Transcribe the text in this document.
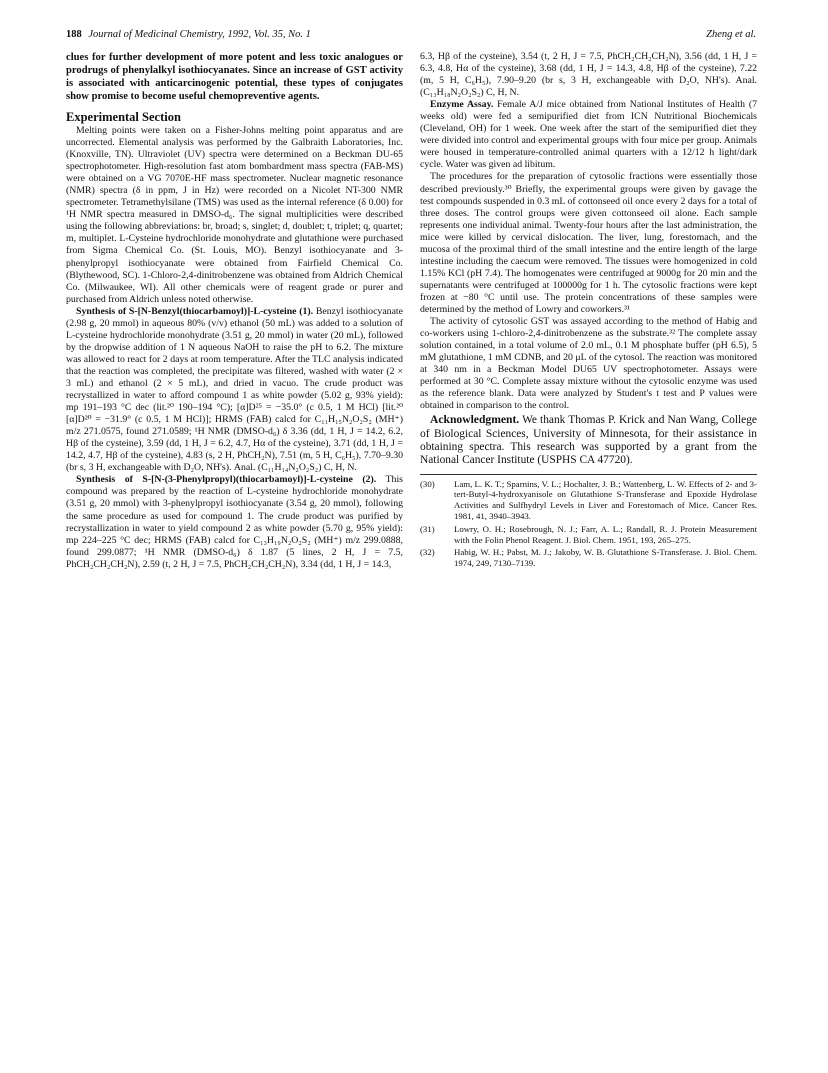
188 Journal of Medicinal Chemistry, 1992, Vol. 35, No. 1	Zheng et al.

clues for further development of more potent and less toxic analogues or prodrugs of phenylalkyl isothiocyanates. Since an increase of GST activity is associated with anticarcinogenic potential, these types of conjugates show promise to become useful chemopreventive agents.

Experimental Section

Melting points were taken on a Fisher-Johns melting point apparatus and are uncorrected. Elemental analysis was performed by the Galbraith Laboratories, Inc. (Knoxville, TN). Ultraviolet (UV) spectra were determined on a Beckman DU-65 spectrophotometer. High-resolution fast atom bombardment mass spectra (FAB-MS) were obtained on a VG 7070E-HF mass spectrometer. Nuclear magnetic resonance (NMR) spectra (δ in ppm, J in Hz) were recorded on a Nicolet NT-300 NMR spectrometer. Tetramethylsilane (TMS) was used as the internal reference (δ 0.00) for ¹H NMR spectra measured in DMSO-d₆. The signal multiplicities were described using the following abbreviations: br, broad; s, singlet; d, doublet; t, triplet; q, quartet; m, multiplet. L-Cysteine hydrochloride monohydrate and glutathione were purchased from Sigma Chemical Co. (St. Louis, MO). Benzyl isothiocyanate and 3-phenylpropyl isothiocyanate were obtained from Fairfield Chemical Co. (Blythewood, SC). 1-Chloro-2,4-dinitrobenzene was obtained from Aldrich Chemical Co. (Milwaukee, WI). All other chemicals were of reagent grade or purer and purchased from Aldrich unless noted otherwise.

Synthesis of S-[N-Benzyl(thiocarbamoyl)]-L-cysteine (1). Benzyl isothiocyanate (2.98 g, 20 mmol) in aqueous 80% (v/v) ethanol (50 mL) was added to a solution of L-cysteine hydrochloride monohydrate (3.51 g, 20 mmol) in water (20 mL), followed by the dropwise addition of 1 N aqueous NaOH to raise the pH to 6.2. The mixture was allowed to react for 2 days at room temperature. After the TLC analysis indicated that the reaction was completed, the precipitate was filtered, washed with water (2 × 3 mL) and ethanol (2 × 5 mL), and dried in vacuo. The crude product was recrystallized in water to afford compound 1 as white powder (5.02 g, 93% yield): mp 191–193 °C dec (lit.²⁰ 190–194 °C); [α]D²⁵ = −35.0° (c 0.5, 1 M HCl) [lit.²⁰ [α]D²⁰ = −31.9° (c 0.5, 1 M HCl)]; HRMS (FAB) calcd for C₁₁H₁₅N₂O₂S₂ (MH⁺) m/z 271.0575, found 271.0589; ¹H NMR (DMSO-d₆) δ 3.36 (dd, 1 H, J = 14.2, 6.2, Hβ of the cysteine), 3.59 (dd, 1 H, J = 6.2, 4.7, Hα of the cysteine), 3.71 (dd, 1 H, J = 14.2, 4.7, Hβ of the cysteine), 4.83 (s, 2 H, PhCH₂N), 7.51 (m, 5 H, C₆H₅), 7.70–9.30 (br s, 3 H, exchangeable with D₂O, NH's). Anal. (C₁₁H₁₄N₂O₂S₂) C, H, N.

Synthesis of S-[N-(3-Phenylpropyl)(thiocarbamoyl)]-L-cysteine (2). This compound was prepared by the reaction of L-cysteine hydrochloride monohydrate (3.51 g, 20 mmol) with 3-phenylpropyl isothiocyanate (3.54 g, 20 mmol), following the same procedure as used for compound 1. The crude product was purified by recrystallization in water to yield compound 2 as white powder (5.70 g, 95% yield): mp 224–225 °C dec; HRMS (FAB) calcd for C₁₃H₁₉N₂O₂S₂ (MH⁺) m/z 299.0888, found 299.0877; ¹H NMR (DMSO-d₆) δ 1.87 (5 lines, 2 H, J = 7.5, PhCH₂CH₂CH₂N), 2.59 (t, 2 H, J = 7.5, PhCH₂CH₂CH₂N), 3.34 (dd, 1 H, J = 14.3,

6.3, Hβ of the cysteine), 3.54 (t, 2 H, J = 7.5, PhCH₂CH₂CH₂N), 3.56 (dd, 1 H, J = 6.3, 4.8, Hα of the cysteine), 3.68 (dd, 1 H, J = 14.3, 4.8, Hβ of the cysteine), 7.22 (m, 5 H, C₆H₅), 7.90–9.20 (br s, 3 H, exchangeable with D₂O, NH's). Anal. (C₁₃H₁₈N₂O₂S₂) C, H, N.

Enzyme Assay. Female A/J mice obtained from National Institutes of Health (7 weeks old) were fed a semipurified diet from ICN Nutritional Biochemicals (Cleveland, OH) for 1 week. One week after the start of the semipurified diet they were divided into control and experimental groups with four mice per group. Animals were housed in temperature-controlled animal quarters with a 12/12 h light/dark cycle. Water was given ad libitum.

The procedures for the preparation of cytosolic fractions were essentially those described previously.³⁰ Briefly, the experimental groups were given by gavage the test compounds suspended in 0.3 mL of cottonseed oil once every 2 days for a total of three doses. The control groups were given cottonseed oil alone. Each sample represents one individual animal. Twenty-four hours after the last administration, the mice were killed by cervical dislocation. The liver, lung, forestomach, and the mucosa of the proximal third of the small intestine and the entire length of the large intestine including the caecum were removed. The tissues were homogenized in cold 1.15% KCl (pH 7.4). The homogenates were centrifuged at 9000g for 20 min and the supernatants were centrifuged at 100000g for 1 h. The cytosolic fractions were kept frozen at −80 °C until use. The protein concentrations of these samples were determined by the method of Lowry and coworkers.³¹

The activity of cytosolic GST was assayed according to the method of Habig and co-workers using 1-chloro-2,4-dinitrobenzene as the substrate.³² The complete assay solution contained, in a total volume of 2.0 mL, 0.1 M phosphate buffer (pH 6.5), 5 mM glutathione, 1 mM CDNB, and 20 μL of the cytosol. The reaction was monitored at 340 nm in a Beckman Model DU65 UV spectrophotometer. Assays were performed at 30 °C. Complete assay mixture without the cytosolic enzyme was used as the reference blank. Data were analyzed by Student's t test and P values were obtained in comparison to the control.

Acknowledgment. We thank Thomas P. Krick and Nan Wang, College of Biological Sciences, University of Minnesota, for their assistance in obtaining spectra. This research was supported by a grant from the National Cancer Institute (USPHS CA 47720).

(30) Lam, L. K. T.; Sparnins, V. L.; Hochalter, J. B.; Wattenberg, L. W. Effects of 2- and 3-tert-Butyl-4-hydroxyanisole on Glutathione S-Transferase and Epoxide Hydrolase Activities and Sulfhydryl Levels in Liver and Forestomach of Mice. Cancer Res. 1981, 41, 3940–3943.
(31) Lowry, O. H.; Rosebrough, N. J.; Farr, A. L.; Randall, R. J. Protein Measurement with the Folin Phenol Reagent. J. Biol. Chem. 1951, 193, 265–275.
(32) Habig, W. H.; Pabst, M. J.; Jakoby, W. B. Glutathione S-Transferase. J. Biol. Chem. 1974, 249, 7130–7139.
